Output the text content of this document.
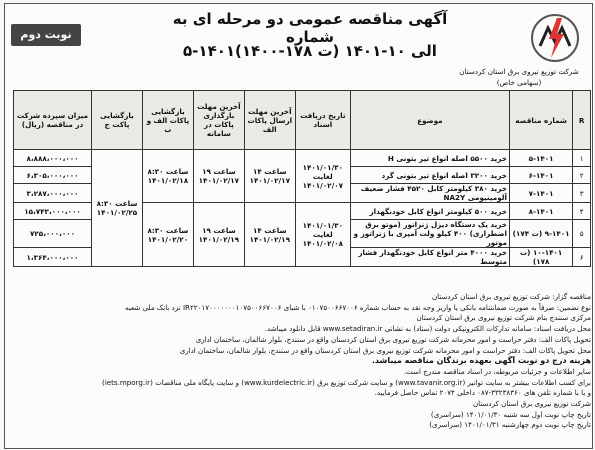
شرکت توزیع نیروی برق استان کردستان
(سهامی خاص)
آگهی مناقصه عمومی دو مرحله ای به شماره
۵-۱۴۰۱الی ۱۰-۱۴۰۱ (ت ۱۷۸-۱۴۰۰)
نوبت دوم
R	شماره مناقصه	موضوع	تاریخ دریافت اسناد	آخرین مهلت ارسال پاکات الف	آخرین مهلت بارگذاری پاکات در سامانه	بازگشایی پاکات الف و ب	بازگشایی پاکت ج	میزان سپرده شرکت در مناقصه (ریال)
۱	۵-۱۴۰۱	خرید ۵۵۰۰ اصله انواع تیر بتونی H	۱۴۰۱/۰۱/۳۰ لغایت ۱۴۰۱/۰۲/۰۷	ساعت ۱۴ ۱۴۰۱/۰۲/۱۷	ساعت ۱۹ ۱۴۰۱/۰۲/۱۷	ساعت ۸:۳۰ ۱۴۰۱/۰۲/۱۸	ساعت ۸:۳۰ ۱۴۰۱/۰۲/۲۵	۸،۸۸۸،۰۰۰،۰۰۰
۲	۶-۱۴۰۱	خرید ۳۲۰۰ اصله انواع تیر بتونی گرد						۶،۳۰۵،۰۰۰،۰۰۰
۳	۷-۱۴۰۱	خرید ۳۸۰ کیلومتر کابل ۴۵۲۰ فشار ضعیف آلومینیومی NA2Y						۳،۲۸۷،۰۰۰،۰۰۰
۴	۸-۱۴۰۱	خرید ۵۰۰ کیلومتر انواع کابل خودنگهدار	۱۴۰۱/۰۱/۳۰ لغایت ۱۴۰۱/۰۲/۰۸	ساعت ۱۴ ۱۴۰۱/۰۲/۱۹	ساعت ۱۹ ۱۴۰۱/۰۲/۱۹	ساعت ۸:۳۰ ۱۴۰۱/۰۲/۲۰		۱۵،۷۴۳،۰۰۰،۰۰۰
۵	۹-۱۴۰۱ (ت ۱۷۴)	خرید یک دستگاه دیزل ژنراتور (موتو برق اضطراری) ۴۰۰ کیلو ولت آمپری با ژنراتور و موتور						۷۲۵،۰۰۰،۰۰۰
۶	۱۰-۱۴۰۱ (ت ۱۷۸)	خرید ۴۰۰۰ متر انواع کابل خودنگهدار فشار متوسط						۱،۳۶۴،۰۰۰،۰۰۰
مناقصه گزار: شرکت توزیع نیروی برق استان کردستان
نوع تضمین: صرفاً به صورت ضمانتنامه بانکی یا واریز وجه نقد به حساب شماره ۰۱۰۷۵۰۰۶۶۷۰۰۶ با شبای IR۲۲۰۱۷۰۰۰۰۰۰۰۱۰۷۵۰۰۶۶۷۰۰۶ نزد بانک ملی شعبه
مرکزی سنندج بنام شرکت توزیع نیروی برق استان کردستان
محل دریافت اسناد: سامانه تدارکات الکترونیکی دولت (ستاد) به نشانی www.setadiran.ir قابل دانلود میباشد.
تحویل پاکات الف: دفتر حراست و امور محرمانه شرکت توزیع نیروی برق استان کردستان واقع در سنندج، بلوار شالمان، ساختمان اداری
محل تحویل پاکات الف: دفتر حراست و امور محرمانه شرکت توزیع نیروی برق استان کردستان واقع در سنندج، بلوار شالمان، ساختمان اداری
هزینه درج دو نوبت آگهی بعهده برندگان مناقصه میباشد.
سایر اطلاعات و جزئیات مربوطه، در اسناد مناقصه مندرج است.
برای کسب اطلاعات بیشتر به سایت توانیر (www.tavanir.org.ir) و سایت شرکت توزیع برق (www.kurdelectric.ir) و سایت پایگاه ملی مناقصات (iets.mporg.ir)
و یا با شماره تلفن های ۳۳۲۳۸۳۶۰-۰۸۷ داخلی ۲۰۷۴ تماس حاصل فرمایید.
شرکت توزیع نیروی برق استان کردستان
تاریخ چاپ نوبت اول سه شنبه ۱۴۰۱/۰۱/۳۰ (سراسری)
تاریخ چاپ نوبت دوم چهارشنبه ۱۴۰۱/۰۱/۳۱ (سراسری)
